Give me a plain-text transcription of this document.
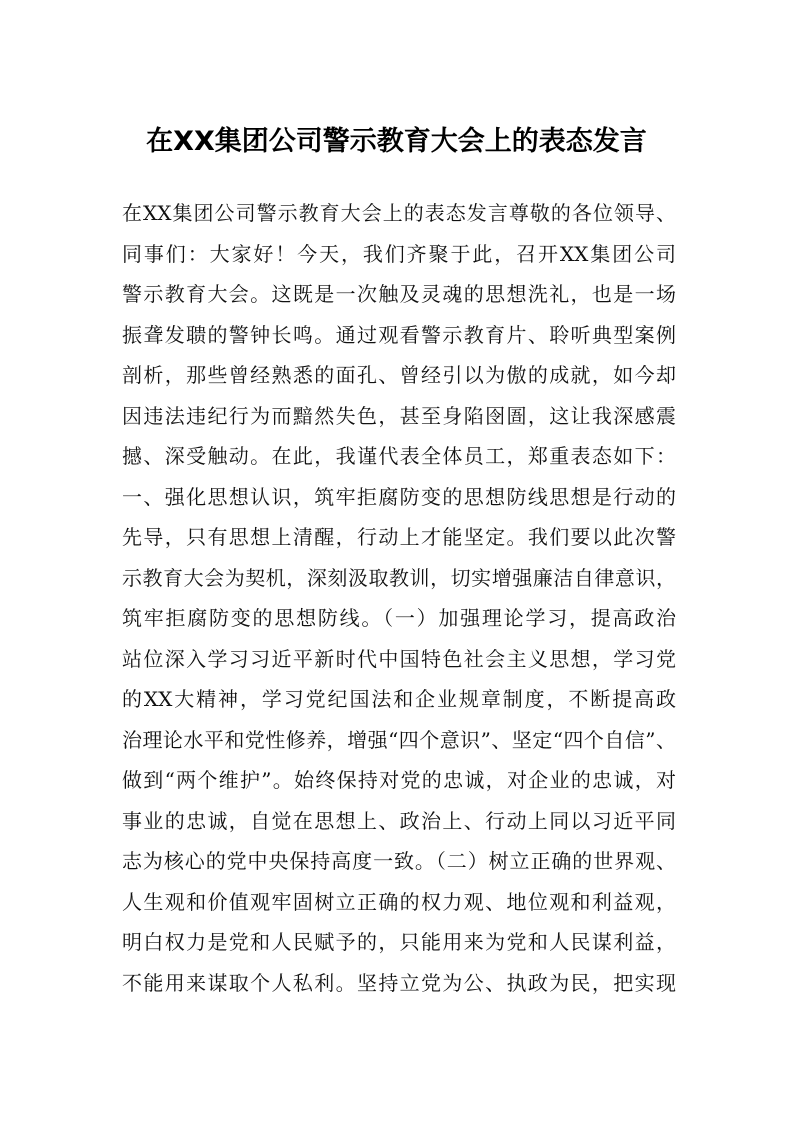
在XX集团公司警示教育大会上的表态发言
在XX集团公司警示教育大会上的表态发言尊敬的各位领导、
同事们：大家好！今天，我们齐聚于此，召开XX集团公司
警示教育大会。这既是一次触及灵魂的思想洗礼，也是一场
振聋发聩的警钟长鸣。通过观看警示教育片、聆听典型案例
剖析，那些曾经熟悉的面孔、曾经引以为傲的成就，如今却
因违法违纪行为而黯然失色，甚至身陷囹圄，这让我深感震
撼、深受触动。在此，我谨代表全体员工，郑重表态如下：
一、强化思想认识，筑牢拒腐防变的思想防线思想是行动的
先导，只有思想上清醒，行动上才能坚定。我们要以此次警
示教育大会为契机，深刻汲取教训，切实增强廉洁自律意识，
筑牢拒腐防变的思想防线。（一）加强理论学习，提高政治
站位深入学习习近平新时代中国特色社会主义思想，学习党
的XX大精神，学习党纪国法和企业规章制度，不断提高政
治理论水平和党性修养，增强“四个意识”、坚定“四个自信”、
做到“两个维护”。始终保持对党的忠诚，对企业的忠诚，对
事业的忠诚，自觉在思想上、政治上、行动上同以习近平同
志为核心的党中央保持高度一致。（二）树立正确的世界观、
人生观和价值观牢固树立正确的权力观、地位观和利益观，
明白权力是党和人民赋予的，只能用来为党和人民谋利益，
不能用来谋取个人私利。坚持立党为公、执政为民，把实现
